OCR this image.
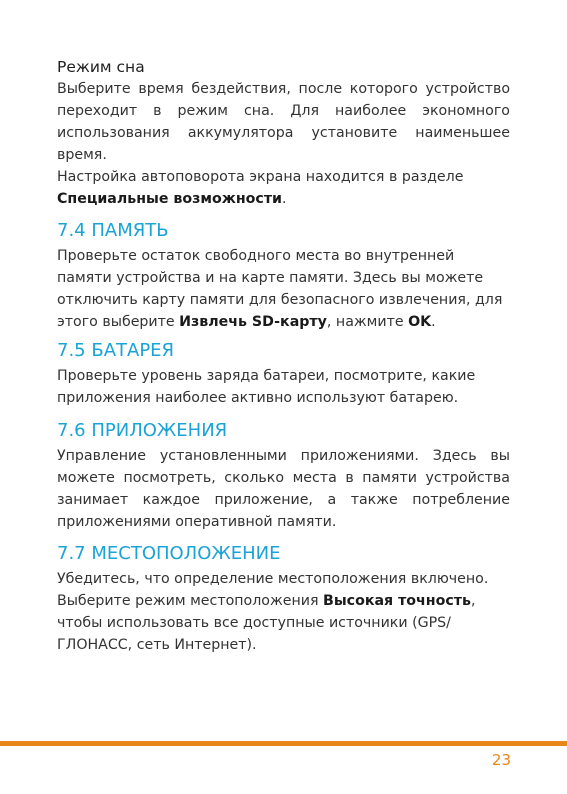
Режим сна

Выберите время бездействия, после которого устройство переходит в режим сна. Для наиболее экономного использования аккумулятора установите наименьшее время.

Настройка автоповорота экрана находится в разделе Специальные возможности.

7.4 ПАМЯТЬ

Проверьте остаток свободного места во внутренней памяти устройства и на карте памяти. Здесь вы можете отключить карту памяти для безопасного извлечения, для этого выберите Извлечь SD-карту, нажмите OK.

7.5 БАТАРЕЯ

Проверьте уровень заряда батареи, посмотрите, какие приложения наиболее активно используют батарею.

7.6 ПРИЛОЖЕНИЯ

Управление установленными приложениями. Здесь вы можете посмотреть, сколько места в памяти устройства занимает каждое приложение, а также потребление приложениями оперативной памяти.

7.7 МЕСТОПОЛОЖЕНИЕ

Убедитесь, что определение местоположения включено. Выберите режим местоположения Высокая точность, чтобы использовать все доступные источники (GPS/ГЛОНАСС, сеть Интернет).

23
